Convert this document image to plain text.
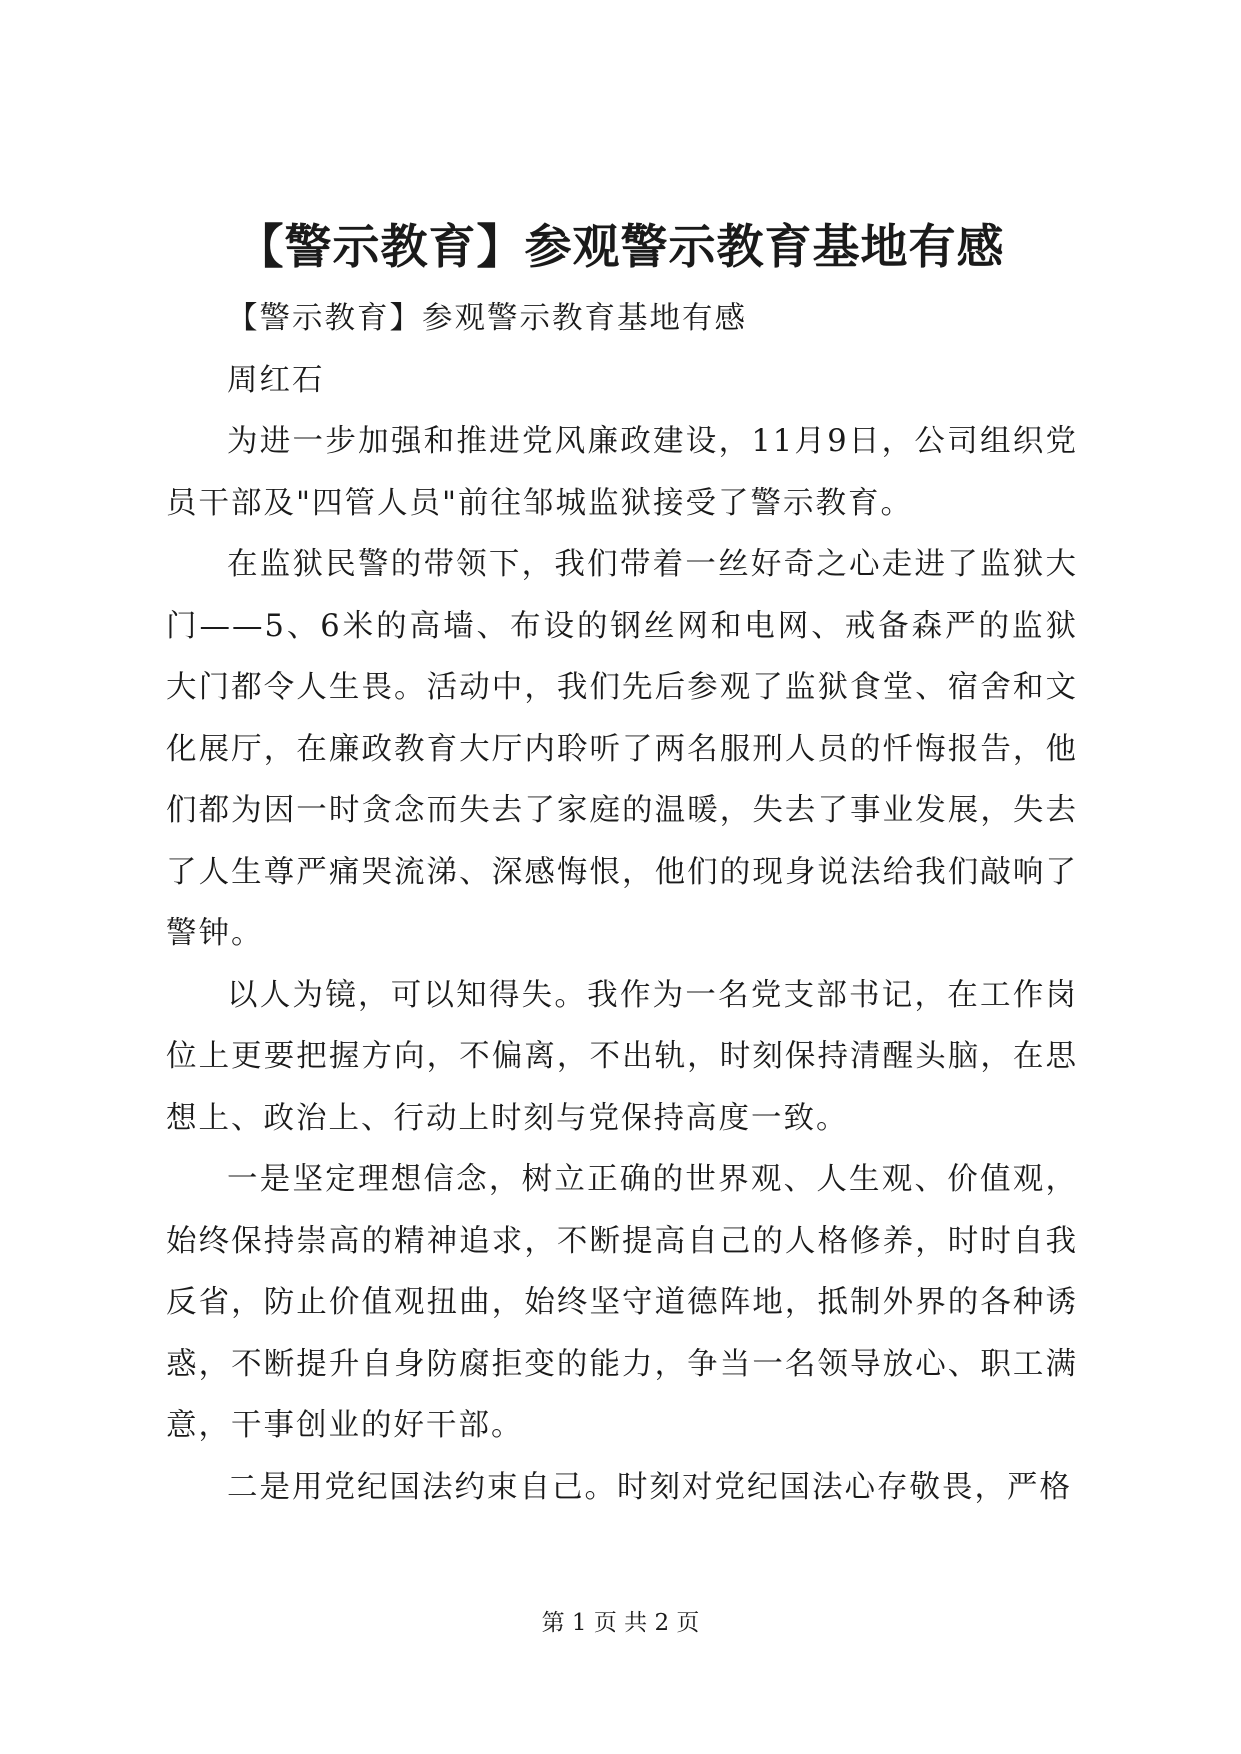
【警示教育】参观警示教育基地有感

【警示教育】参观警示教育基地有感

周红石

为进一步加强和推进党风廉政建设，11月9日，公司组织党员干部及"四管人员"前往邹城监狱接受了警示教育。

在监狱民警的带领下，我们带着一丝好奇之心走进了监狱大门——5、6米的高墙、布设的钢丝网和电网、戒备森严的监狱大门都令人生畏。活动中，我们先后参观了监狱食堂、宿舍和文化展厅，在廉政教育大厅内聆听了两名服刑人员的忏悔报告，他们都为因一时贪念而失去了家庭的温暖，失去了事业发展，失去了人生尊严痛哭流涕、深感悔恨，他们的现身说法给我们敲响了警钟。

以人为镜，可以知得失。我作为一名党支部书记，在工作岗位上更要把握方向，不偏离，不出轨，时刻保持清醒头脑，在思想上、政治上、行动上时刻与党保持高度一致。

一是坚定理想信念，树立正确的世界观、人生观、价值观，始终保持崇高的精神追求，不断提高自己的人格修养，时时自我反省，防止价值观扭曲，始终坚守道德阵地，抵制外界的各种诱惑，不断提升自身防腐拒变的能力，争当一名领导放心、职工满意，干事创业的好干部。

二是用党纪国法约束自己。时刻对党纪国法心存敬畏，严格

第 1 页 共 2 页
